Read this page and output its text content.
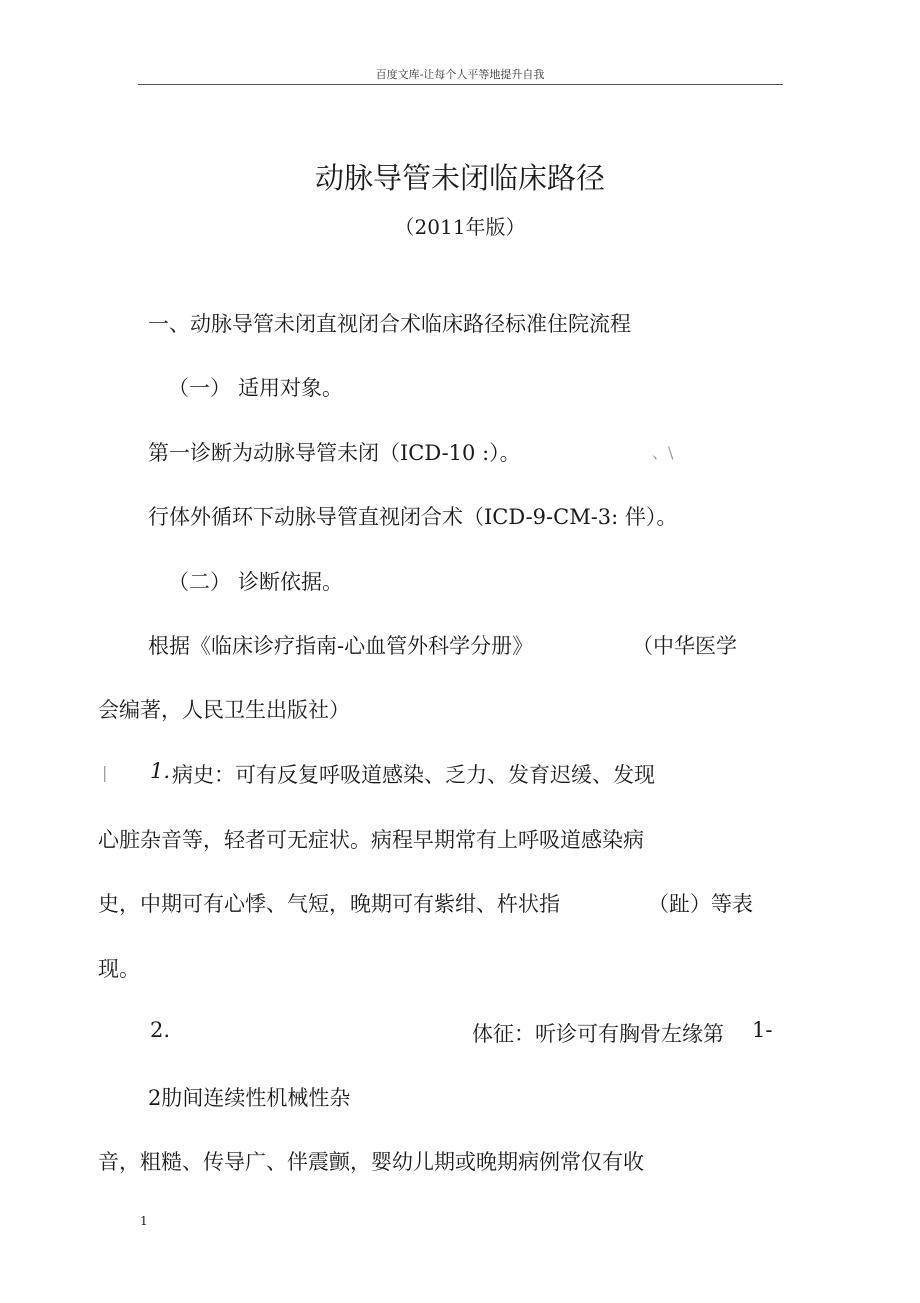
百度文库-让每个人平等地提升自我
动脉导管未闭临床路径
（2011年版）
一、动脉导管未闭直视闭合术临床路径标准住院流程
（一） 适用对象。
第一诊断为动脉导管未闭（ICD-10 :）。	、\
行体外循环下动脉导管直视闭合术（ICD-9-CM-3: 伴）。
（二） 诊断依据。
根据《临床诊疗指南-心血管外科学分册》	（中华医学
会编著，人民卫生出版社）
| 1. 病史：可有反复呼吸道感染、乏力、发育迟缓、发现
心脏杂音等，轻者可无症状。病程早期常有上呼吸道感染病
史，中期可有心悸、气短，晚期可有紫绀、杵状指	（趾）等表
现。
2.	体征：听诊可有胸骨左缘第 1-
2肋间连续性机械性杂
音，粗糙、传导广、伴震颤，婴幼儿期或晚期病例常仅有收
1
